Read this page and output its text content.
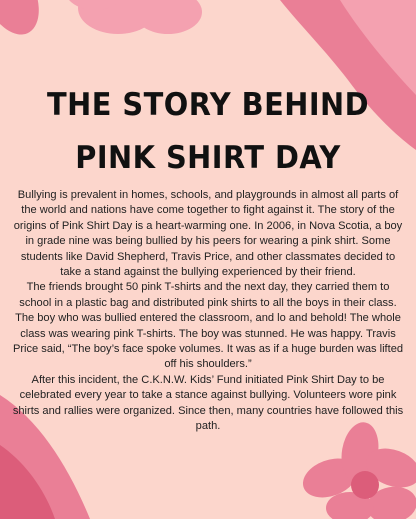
THE STORY BEHIND
PINK SHIRT DAY

Bullying is prevalent in homes, schools, and playgrounds in almost all parts of the world and nations have come together to fight against it. The story of the origins of Pink Shirt Day is a heart-warming one. In 2006, in Nova Scotia, a boy in grade nine was being bullied by his peers for wearing a pink shirt. Some students like David Shepherd, Travis Price, and other classmates decided to take a stand against the bullying experienced by their friend.

The friends brought 50 pink T-shirts and the next day, they carried them to school in a plastic bag and distributed pink shirts to all the boys in their class. The boy who was bullied entered the classroom, and lo and behold! The whole class was wearing pink T-shirts. The boy was stunned. He was happy. Travis Price said, “The boy’s face spoke volumes. It was as if a huge burden was lifted off his shoulders.”

After this incident, the C.K.N.W. Kids’ Fund initiated Pink Shirt Day to be celebrated every year to take a stance against bullying. Volunteers wore pink shirts and rallies were organized. Since then, many countries have followed this path.
